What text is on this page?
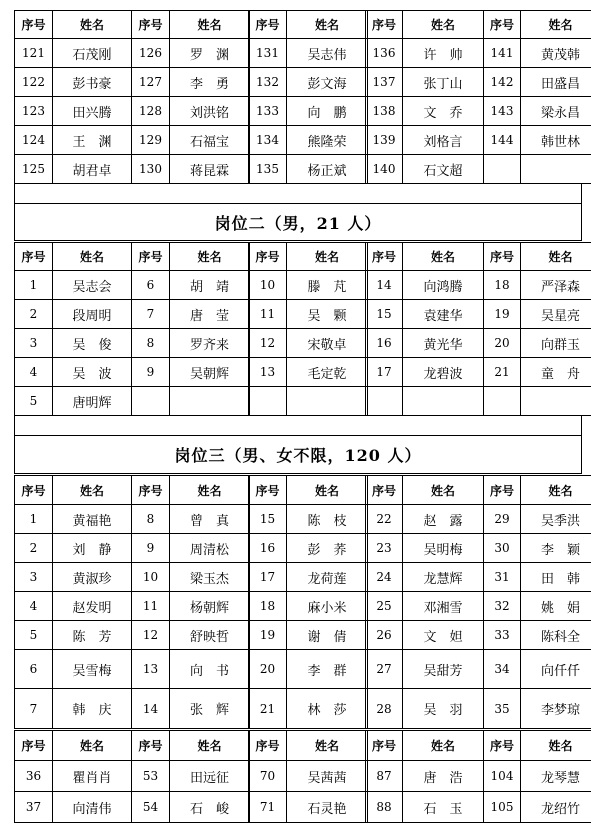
序号	姓名	序号	姓名	序号	姓名	序号	姓名	序号	姓名
121	石茂刚	126	罗　渊	131	吴志伟	136	许　帅	141	黄茂韩
122	彭书豪	127	李　勇	132	彭文海	137	张丁山	142	田盛昌
123	田兴腾	128	刘洪铭	133	向　鹏	138	文　乔	143	梁永昌
124	王　渊	129	石福宝	134	熊隆荣	139	刘格言	144	韩世林
125	胡君卓	130	蒋昆霖	135	杨正斌	140	石文超
岗位二（男，21 人）
序号	姓名	序号	姓名	序号	姓名	序号	姓名	序号	姓名
1	吴志会	6	胡　靖	10	滕　芃	14	向鸿腾	18	严泽森
2	段周明	7	唐　莹	11	吴　颗	15	袁建华	19	吴星亮
3	吴　俊	8	罗齐来	12	宋敬卓	16	黄光华	20	向群玉
4	吴　波	9	吴朝辉	13	毛定乾	17	龙碧波	21	童　舟
5	唐明辉
岗位三（男、女不限，120 人）
序号	姓名	序号	姓名	序号	姓名	序号	姓名	序号	姓名
1	黄福艳	8	曾　真	15	陈　枝	22	赵　露	29	吴季洪
2	刘　静	9	周清松	16	彭　荞	23	吴明梅	30	李　颖
3	黄淑珍	10	梁玉杰	17	龙荷莲	24	龙慧辉	31	田　韩
4	赵发明	11	杨朝辉	18	麻小米	25	邓湘雪	32	姚　娟
5	陈　芳	12	舒映哲	19	谢　倩	26	文　妲	33	陈科全
6	吴雪梅	13	向　书	20	李　群	27	吴甜芳	34	向仟仟
7	韩　庆	14	张　辉	21	林　莎	28	吴　羽	35	李梦琼
序号	姓名	序号	姓名	序号	姓名	序号	姓名	序号	姓名
36	瞿肖肖	53	田远征	70	吴茜茜	87	唐　浩	104	龙琴慧
37	向清伟	54	石　峻	71	石灵艳	88	石　玉	105	龙绍竹
